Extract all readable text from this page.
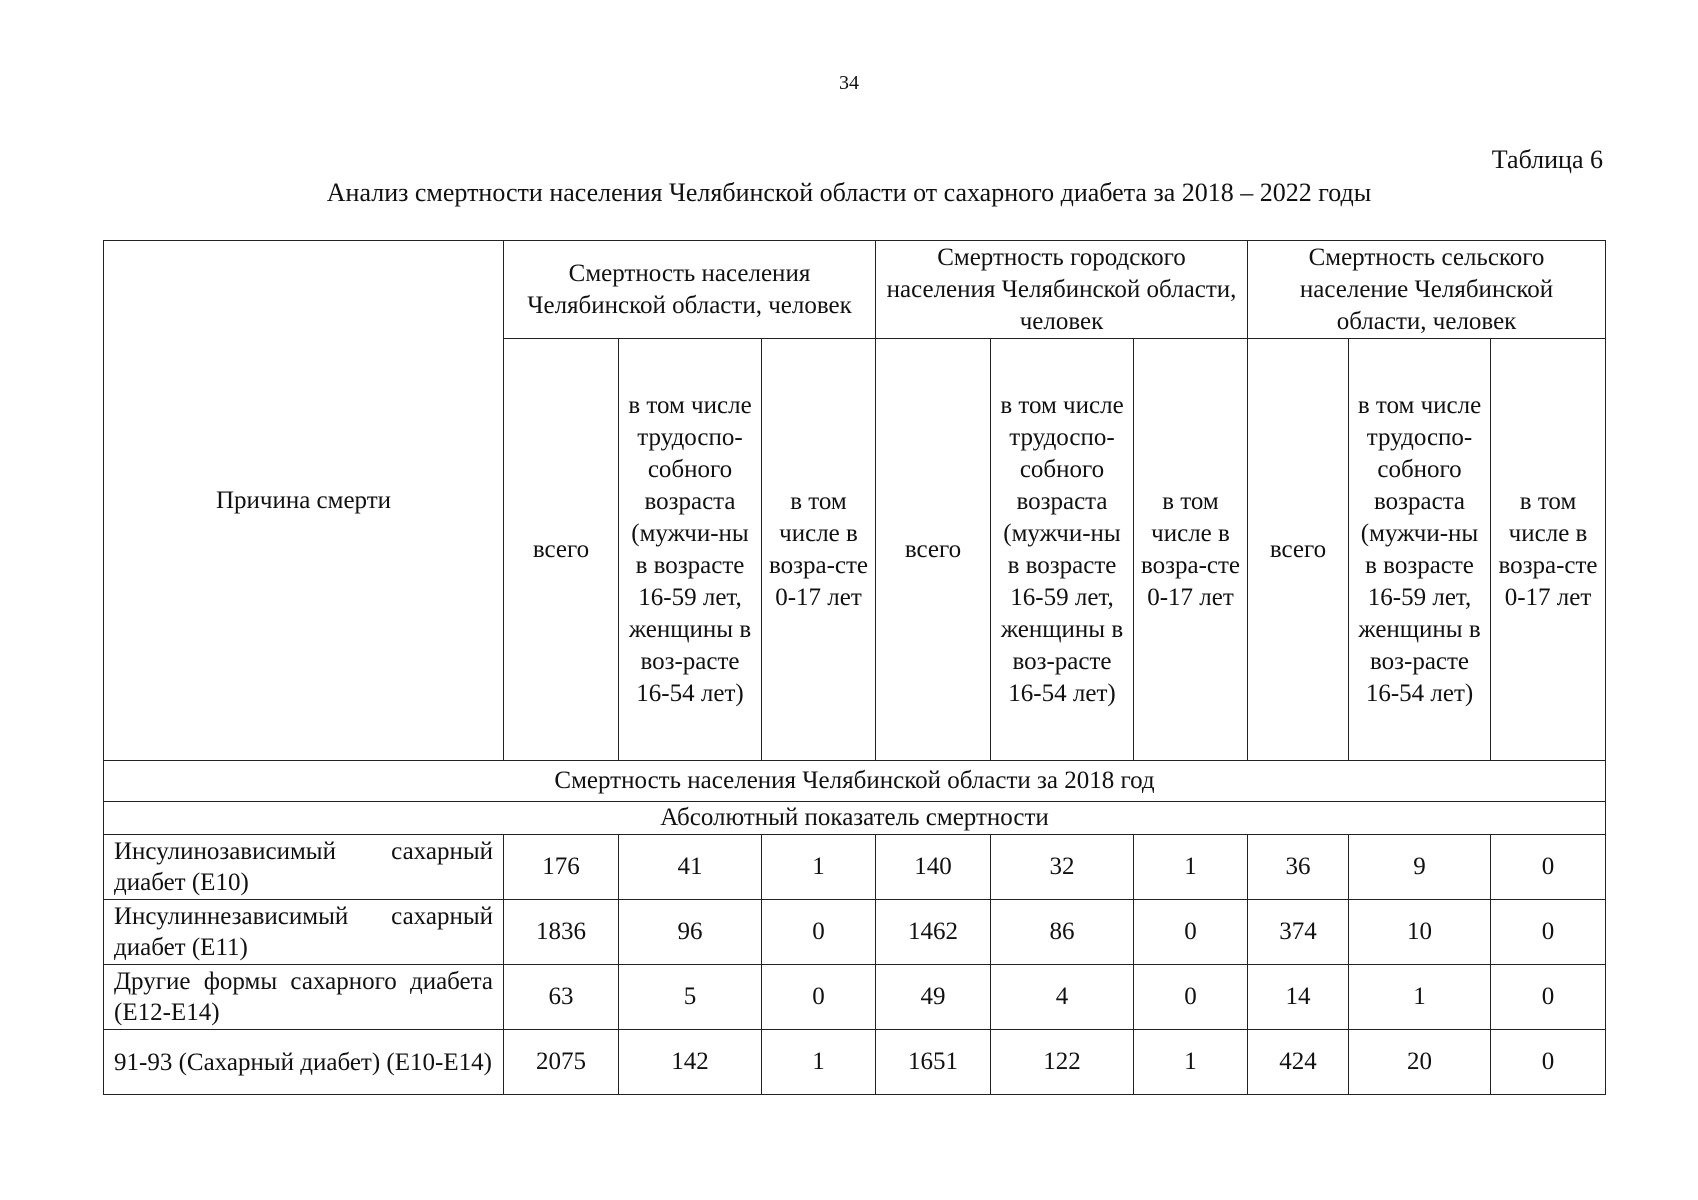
34
Таблица 6
Анализ смертности населения Челябинской области от сахарного диабета за 2018 – 2022 годы
Причина смерти	Смертность населения Челябинской области, человек			Смертность городского населения Челябинской области, человек			Смертность сельского население Челябинской области, человек		
	всего	в том числе трудоспо-собного возраста (мужчи-ны в возрасте 16-59 лет, женщины в воз-расте 16-54 лет)	в том числе в возра-сте 0-17 лет	всего	в том числе трудоспо-собного возраста (мужчи-ны в возрасте 16-59 лет, женщины в воз-расте 16-54 лет)	в том числе в возра-сте 0-17 лет	всего	в том числе трудоспо-собного возраста (мужчи-ны в возрасте 16-59 лет, женщины в воз-расте 16-54 лет)	в том числе в возра-сте 0-17 лет
Смертность населения Челябинской области за 2018 год									
Абсолютный показатель смертности									
Инсулинозависимый сахарный диабет (Е10)	176	41	1	140	32	1	36	9	0
Инсулиннезависимый сахарный диабет (Е11)	1836	96	0	1462	86	0	374	10	0
Другие формы сахарного диабета (Е12-Е14)	63	5	0	49	4	0	14	1	0
91-93 (Сахарный диабет) (Е10-Е14)	2075	142	1	1651	122	1	424	20	0
